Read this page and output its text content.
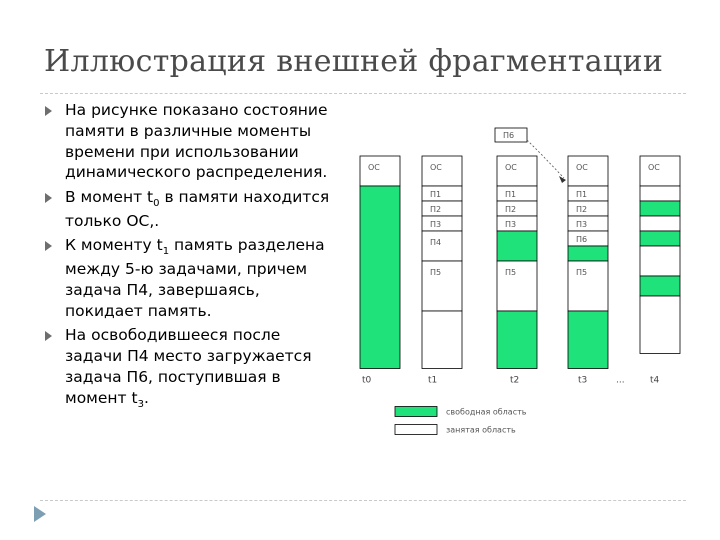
Иллюстрация внешней фрагментации
На рисунке показано состояние памяти в различные моменты времени при использовании динамического распределения.
В момент $t_0$ в памяти находится только ОС,.
К моменту $t_1$ память разделена между 5-ю задачами, причем задача П4, завершаясь, покидает память.
На освободившееся после задачи П4 место загружается задача П6, поступившая в момент $t_3$.
ОС	ОС
П1
П2
П3
П4
П5
ОС
П1
П2
П3
П5
ОС
П1
П2
П3
П6
П5
П6
ОС
t0	t1	t2	t3	...	t4
свободная область
занятая область
